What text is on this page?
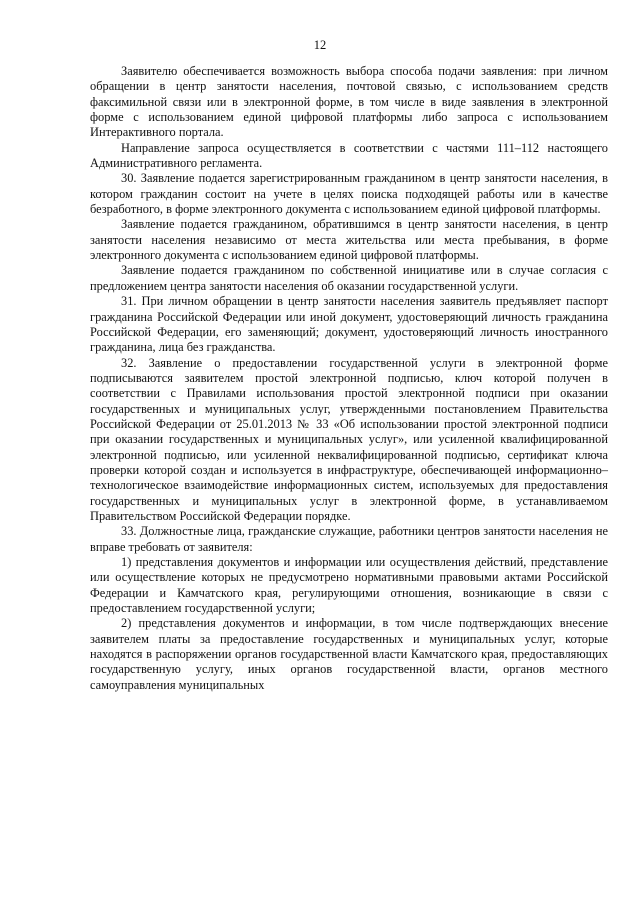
12

Заявителю обеспечивается возможность выбора способа подачи заявления: при личном обращении в центр занятости населения, почтовой связью, с использованием средств факсимильной связи или в электронной форме, в том числе в виде заявления в электронной форме с использованием единой цифровой платформы либо запроса с использованием Интерактивного портала.

Направление запроса осуществляется в соответствии с частями 111–112 настоящего Административного регламента.

30. Заявление подается зарегистрированным гражданином в центр занятости населения, в котором гражданин состоит на учете в целях поиска подходящей работы или в качестве безработного, в форме электронного документа с использованием единой цифровой платформы.

Заявление подается гражданином, обратившимся в центр занятости населения, в центр занятости населения независимо от места жительства или места пребывания, в форме электронного документа с использованием единой цифровой платформы.

Заявление подается гражданином по собственной инициативе или в случае согласия с предложением центра занятости населения об оказании государственной услуги.

31. При личном обращении в центр занятости населения заявитель предъявляет паспорт гражданина Российской Федерации или иной документ, удостоверяющий личность гражданина Российской Федерации, его заменяющий; документ, удостоверяющий личность иностранного гражданина, лица без гражданства.

32. Заявление о предоставлении государственной услуги в электронной форме подписываются заявителем простой электронной подписью, ключ которой получен в соответствии с Правилами использования простой электронной подписи при оказании государственных и муниципальных услуг, утвержденными постановлением Правительства Российской Федерации от 25.01.2013 № 33 «Об использовании простой электронной подписи при оказании государственных и муниципальных услуг», или усиленной квалифицированной электронной подписью, или усиленной неквалифицированной подписью, сертификат ключа проверки которой создан и используется в инфраструктуре, обеспечивающей информационно–технологическое взаимодействие информационных систем, используемых для предоставления государственных и муниципальных услуг в электронной форме, в устанавливаемом Правительством Российской Федерации порядке.

33. Должностные лица, гражданские служащие, работники центров занятости населения не вправе требовать от заявителя:

1) представления документов и информации или осуществления действий, представление или осуществление которых не предусмотрено нормативными правовыми актами Российской Федерации и Камчатского края, регулирующими отношения, возникающие в связи с предоставлением государственной услуги;

2) представления документов и информации, в том числе подтверждающих внесение заявителем платы за предоставление государственных и муниципальных услуг, которые находятся в распоряжении органов государственной власти Камчатского края, предоставляющих государственную услугу, иных органов государственной власти, органов местного самоуправления муниципальных
